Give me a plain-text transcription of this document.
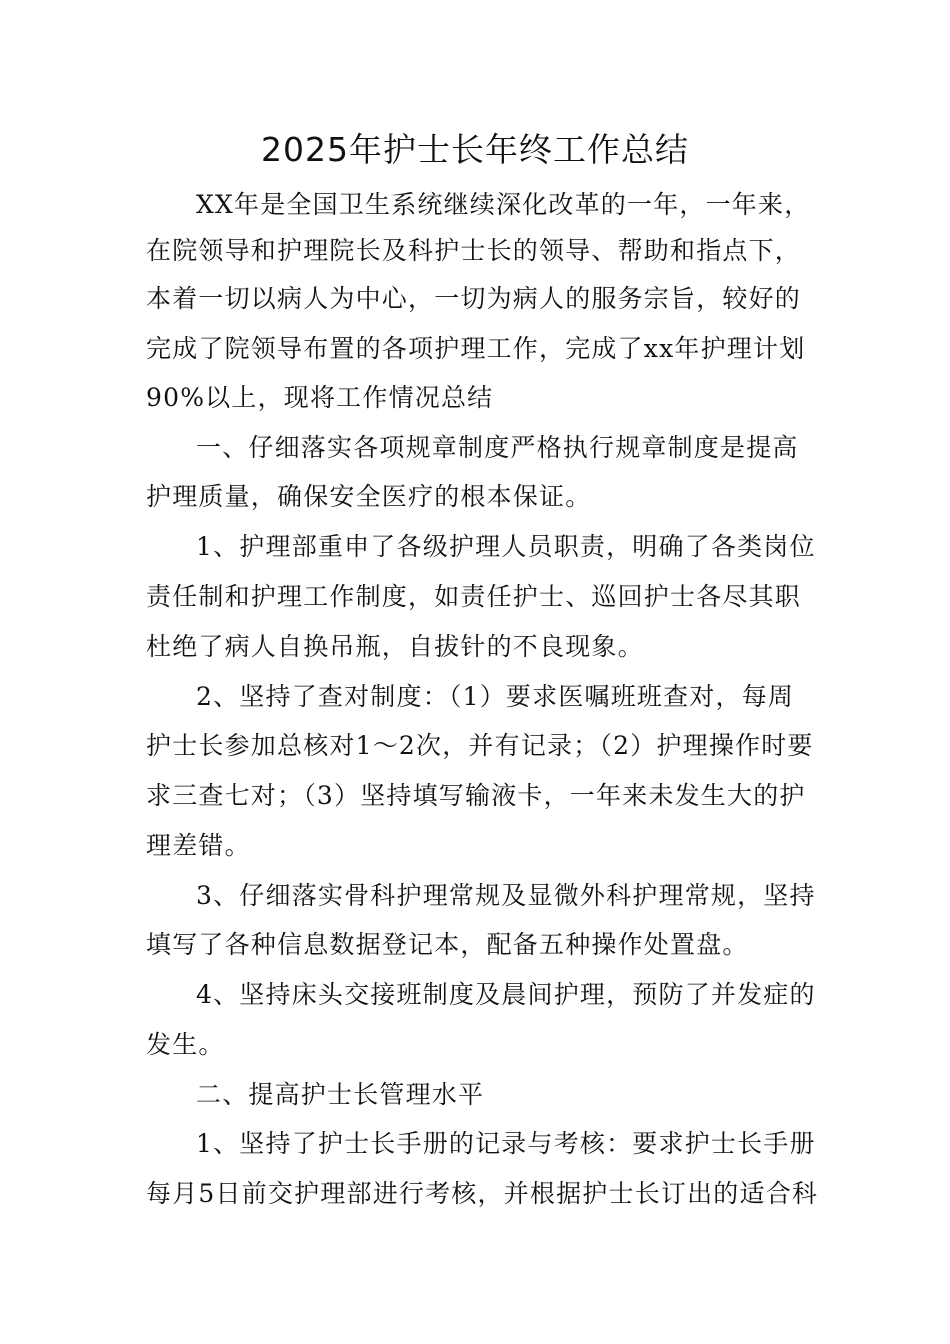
2025年护士长年终工作总结
XX年是全国卫生系统继续深化改革的一年，一年来，
在院领导和护理院长及科护士长的领导、帮助和指点下，
本着一切以病人为中心，一切为病人的服务宗旨，较好的
完成了院领导布置的各项护理工作，完成了xx年护理计划
90%以上，现将工作情况总结
一、仔细落实各项规章制度严格执行规章制度是提高
护理质量，确保安全医疗的根本保证。
1、护理部重申了各级护理人员职责，明确了各类岗位
责任制和护理工作制度，如责任护士、巡回护士各尽其职
杜绝了病人自换吊瓶，自拔针的不良现象。
2、坚持了查对制度：（1）要求医嘱班班查对，每周
护士长参加总核对1～2次，并有记录；（2）护理操作时要
求三查七对；（3）坚持填写输液卡，一年来未发生大的护
理差错。
3、仔细落实骨科护理常规及显微外科护理常规，坚持
填写了各种信息数据登记本，配备五种操作处置盘。
4、坚持床头交接班制度及晨间护理，预防了并发症的
发生。
二、提高护士长管理水平
1、坚持了护士长手册的记录与考核：要求护士长手册
每月5日前交护理部进行考核，并根据护士长订出的适合科
